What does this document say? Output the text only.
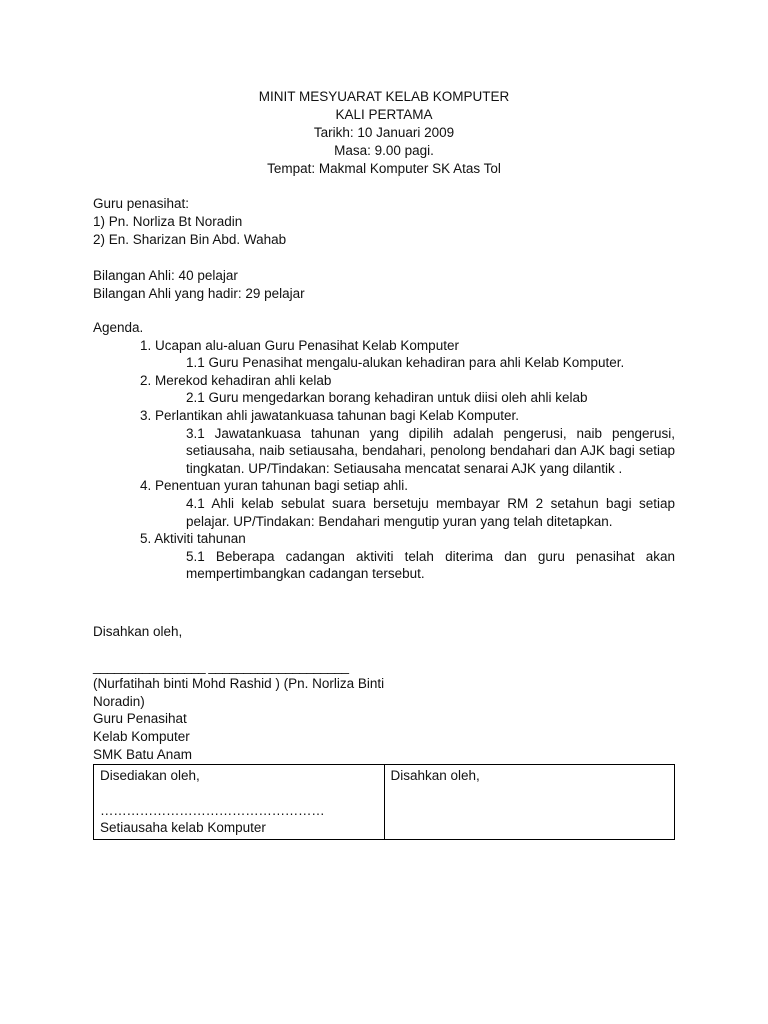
MINIT MESYUARAT KELAB KOMPUTER
KALI PERTAMA
Tarikh: 10 Januari 2009
Masa: 9.00 pagi.
Tempat: Makmal Komputer SK Atas Tol
Guru penasihat:
1) Pn. Norliza Bt Noradin
2) En. Sharizan Bin Abd. Wahab
Bilangan Ahli: 40 pelajar
Bilangan Ahli yang hadir: 29 pelajar
Agenda.
1. Ucapan alu-aluan Guru Penasihat Kelab Komputer
1.1 Guru Penasihat mengalu-alukan kehadiran para ahli Kelab Komputer.
2. Merekod kehadiran ahli kelab
2.1 Guru mengedarkan borang kehadiran untuk diisi oleh ahli kelab
3. Perlantikan ahli jawatankuasa tahunan bagi Kelab Komputer.
3.1 Jawatankuasa tahunan yang dipilih adalah pengerusi, naib pengerusi, setiausaha, naib setiausaha, bendahari, penolong bendahari dan AJK bagi setiap tingkatan. UP/Tindakan: Setiausaha mencatat senarai AJK yang dilantik .
4. Penentuan yuran tahunan bagi setiap ahli.
4.1 Ahli kelab sebulat suara bersetuju membayar RM 2 setahun bagi setiap pelajar. UP/Tindakan: Bendahari mengutip yuran yang telah ditetapkan.
5. Aktiviti tahunan
5.1 Beberapa cadangan aktiviti telah diterima dan guru penasihat akan mempertimbangkan cadangan tersebut.
Disahkan oleh,
________________ ____________________
(Nurfatihah binti Mohd Rashid ) (Pn. Norliza Binti Noradin)
Guru Penasihat
Kelab Komputer
SMK Batu Anam
Disediakan oleh,
……………………………………………
Setiausaha kelab Komputer

Disahkan oleh,
